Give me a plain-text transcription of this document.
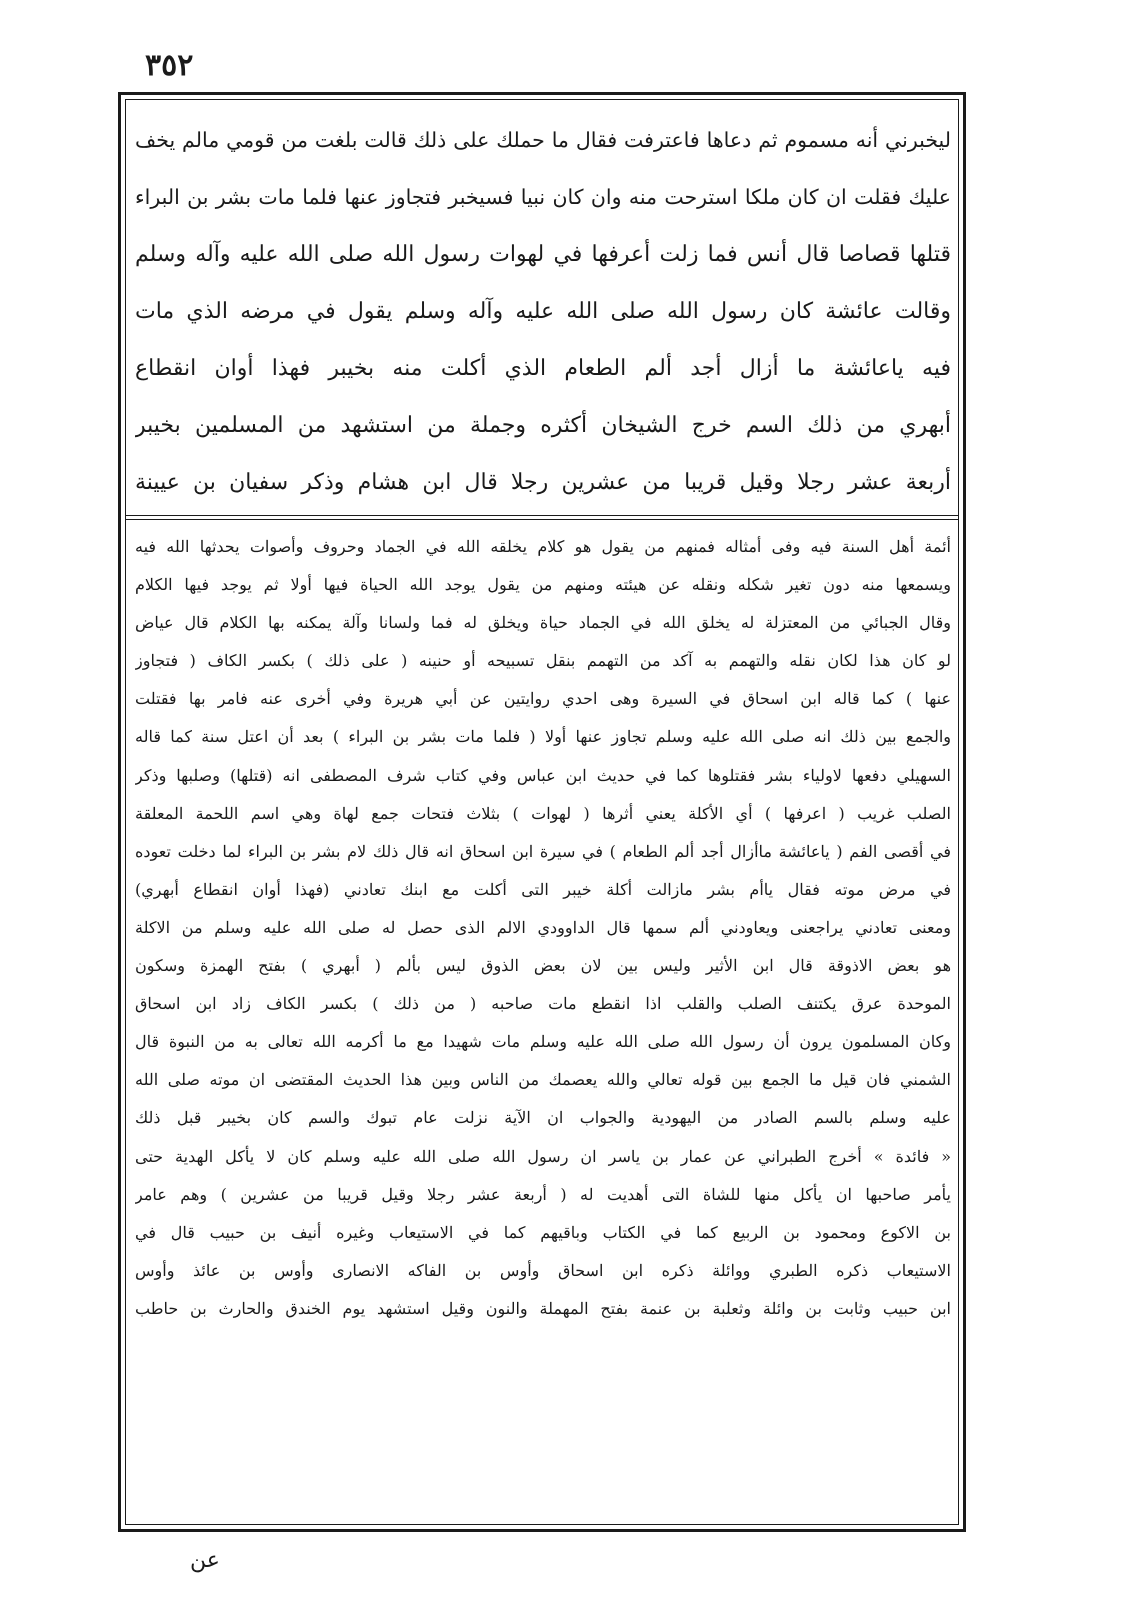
٣٥٢
ليخبرني أنه مسموم ثم دعاها فاعترفت فقال ما حملك على ذلك قالت بلغت من قومي مالم يخف
عليك فقلت ان كان ملكا استرحت منه وان كان نبيا فسيخبر فتجاوز عنها فلما مات بشر بن البراء
قتلها قصاصا قال أنس فما زلت أعرفها في لهوات رسول الله صلى الله عليه وآله وسلم
وقالت عائشة كان رسول الله صلى الله عليه وآله وسلم يقول في مرضه الذي مات
فيه ياعائشة ما أزال أجد ألم الطعام الذي أكلت منه بخيبر فهذا أوان انقطاع
أبهري من ذلك السم خرج الشيخان أكثره وجملة من استشهد من المسلمين بخيبر
أربعة عشر رجلا وقيل قريبا من عشرين رجلا قال ابن هشام وذكر سفيان بن عيينة
أئمة أهل السنة فيه وفى أمثاله فمنهم من يقول هو كلام يخلقه الله في الجماد وحروف وأصوات يحدثها الله فيه
ويسمعها منه دون تغير شكله ونقله عن هيئته ومنهم من يقول يوجد الله الحياة فيها أولا ثم يوجد فيها الكلام
وقال الجبائي من المعتزلة له يخلق الله في الجماد حياة ويخلق له فما ولسانا وآلة يمكنه بها الكلام قال عياض
لو كان هذا لكان نقله والتهمم به آكد من التهمم بنقل تسبيحه أو حنينه ( على ذلك ) بكسر الكاف ( فتجاوز
عنها ) كما قاله ابن اسحاق في السيرة وهى احدي روايتين عن أبي هريرة وفي أخرى عنه فامر بها فقتلت
والجمع بين ذلك انه صلى الله عليه وسلم تجاوز عنها أولا ( فلما مات بشر بن البراء ) بعد أن اعتل سنة كما قاله
السهيلي دفعها لاولياء بشر فقتلوها كما في حديث ابن عباس وفي كتاب شرف المصطفى انه (قتلها) وصلبها وذكر
الصلب غريب ( اعرفها ) أي الأكلة يعني أثرها ( لهوات ) بثلاث فتحات جمع لهاة وهي اسم اللحمة المعلقة
في أقصى الفم ( ياعائشة ماأزال أجد ألم الطعام ) في سيرة ابن اسحاق انه قال ذلك لام بشر بن البراء لما دخلت تعوده
في مرض موته فقال ياأم بشر مازالت أكلة خيبر التى أكلت مع ابنك تعادني (فهذا أوان انقطاع أبهري)
ومعنى تعادني يراجعنى ويعاودني ألم سمها قال الداوودي الالم الذى حصل له صلى الله عليه وسلم من الاكلة
هو بعض الاذوقة قال ابن الأثير وليس بين لان بعض الذوق ليس بألم ( أبهري ) بفتح الهمزة وسكون
الموحدة عرق يكتنف الصلب والقلب اذا انقطع مات صاحبه ( من ذلك ) بكسر الكاف زاد ابن اسحاق
وكان المسلمون يرون أن رسول الله صلى الله عليه وسلم مات شهيدا مع ما أكرمه الله تعالى به من النبوة قال
الشمني فان قيل ما الجمع بين قوله تعالي والله يعصمك من الناس وبين هذا الحديث المقتضى ان موته صلى الله
عليه وسلم بالسم الصادر من اليهودية والجواب ان الآية نزلت عام تبوك والسم كان بخيبر قبل ذلك
« فائدة » أخرج الطبراني عن عمار بن ياسر ان رسول الله صلى الله عليه وسلم كان لا يأكل الهدية حتى
يأمر صاحبها ان يأكل منها للشاة التى أهديت له ( أربعة عشر رجلا وقيل قريبا من عشرين ) وهم عامر
بن الاكوع ومحمود بن الربيع كما في الكتاب وباقيهم كما في الاستيعاب وغيره أنيف بن حبيب قال في
الاستيعاب ذكره الطبري ووائلة ذكره ابن اسحاق وأوس بن الفاكه الانصارى وأوس بن عائذ وأوس
ابن حبيب وثابت بن وائلة وثعلبة بن عنمة بفتح المهملة والنون وقيل استشهد يوم الخندق والحارث بن حاطب
عن
